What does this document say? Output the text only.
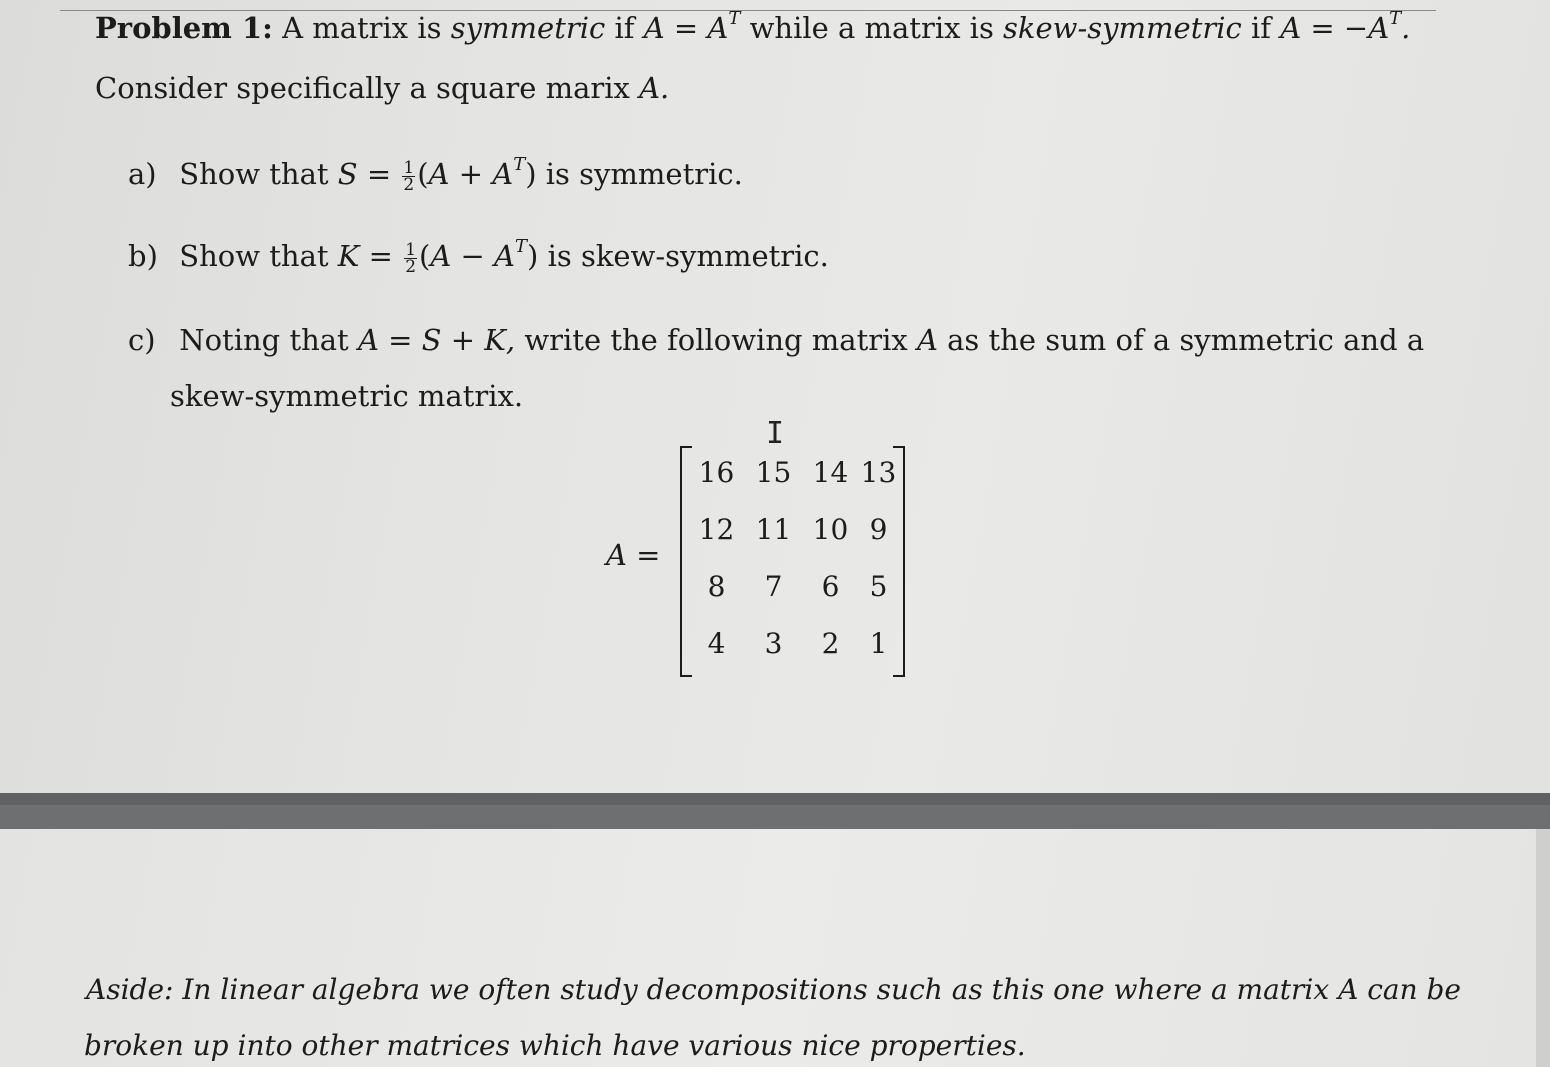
Problem 1: A matrix is symmetric if $A = A^T$ while a matrix is skew-symmetric if $A = -A^T$.
Consider specifically a square marix A.
a) Show that $S = \frac{1}{2} (A + A^T)$ is symmetric.
b) Show that $K = \frac{1}{2} (A - A^T)$ is skew-symmetric.
c) Noting that A = S + K, write the following matrix A as the sum of a symmetric and a
skew-symmetric matrix.
I
A =
16 15 14 13
12 11 10 9
8	7	6	5
4	3	2	1
Aside: In linear algebra we often study decompositions such as this one where a matrix A can be
broken up into other matrices which have various nice properties.
